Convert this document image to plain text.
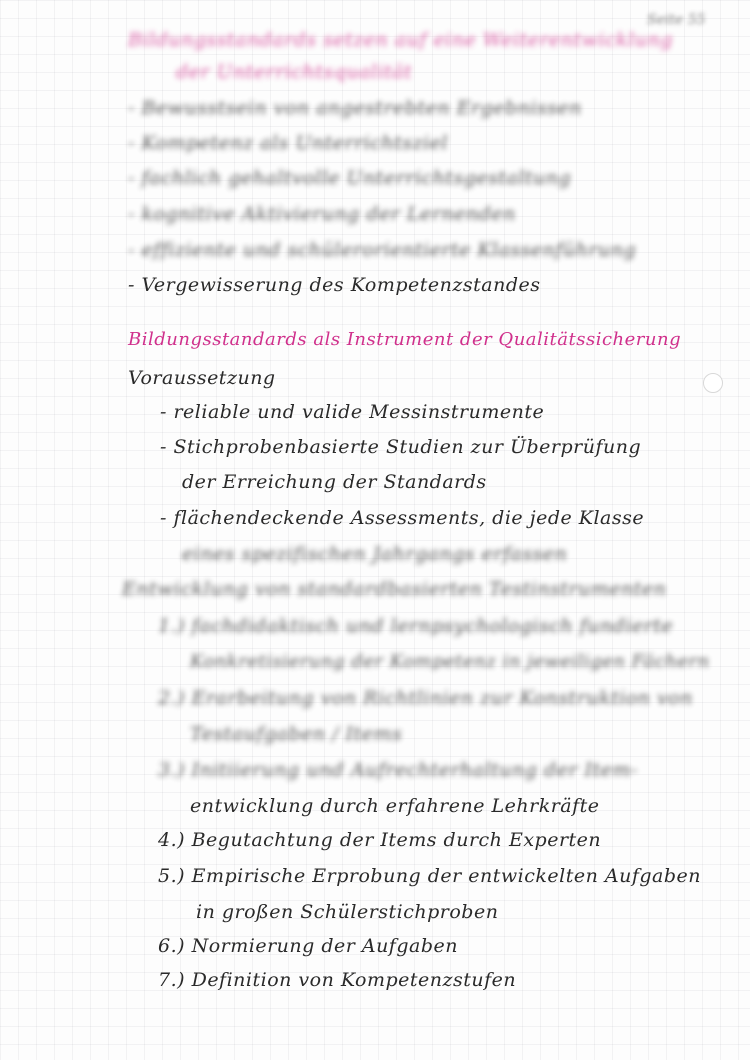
Seite 55
Bildungsstandards setzen auf eine Weiterentwicklung
der Unterrichtsqualität
- Bewusstsein von angestrebten Ergebnissen
- Kompetenz als Unterrichtsziel
- fachlich gehaltvolle Unterrichtsgestaltung
- kognitive Aktivierung der Lernenden
- effiziente und schülerorientierte Klassenführung
- Vergewisserung des Kompetenzstandes
Bildungsstandards als Instrument der Qualitätssicherung
Voraussetzung
- reliable und valide Messinstrumente
- Stichprobenbasierte Studien zur Überprüfung
der Erreichung der Standards
- flächendeckende Assessments, die jede Klasse
eines spezifischen Jahrgangs erfassen
Entwicklung von standardbasierten Testinstrumenten
1.) fachdidaktisch und lernpsychologisch fundierte
Konkretisierung der Kompetenz in jeweiligen Fächern
2.) Erarbeitung von Richtlinien zur Konstruktion von
Testaufgaben / Items
3.) Initiierung und Aufrechterhaltung der Item-
entwicklung durch erfahrene Lehrkräfte
4.) Begutachtung der Items durch Experten
5.) Empirische Erprobung der entwickelten Aufgaben
in großen Schülerstichproben
6.) Normierung der Aufgaben
7.) Definition von Kompetenzstufen
